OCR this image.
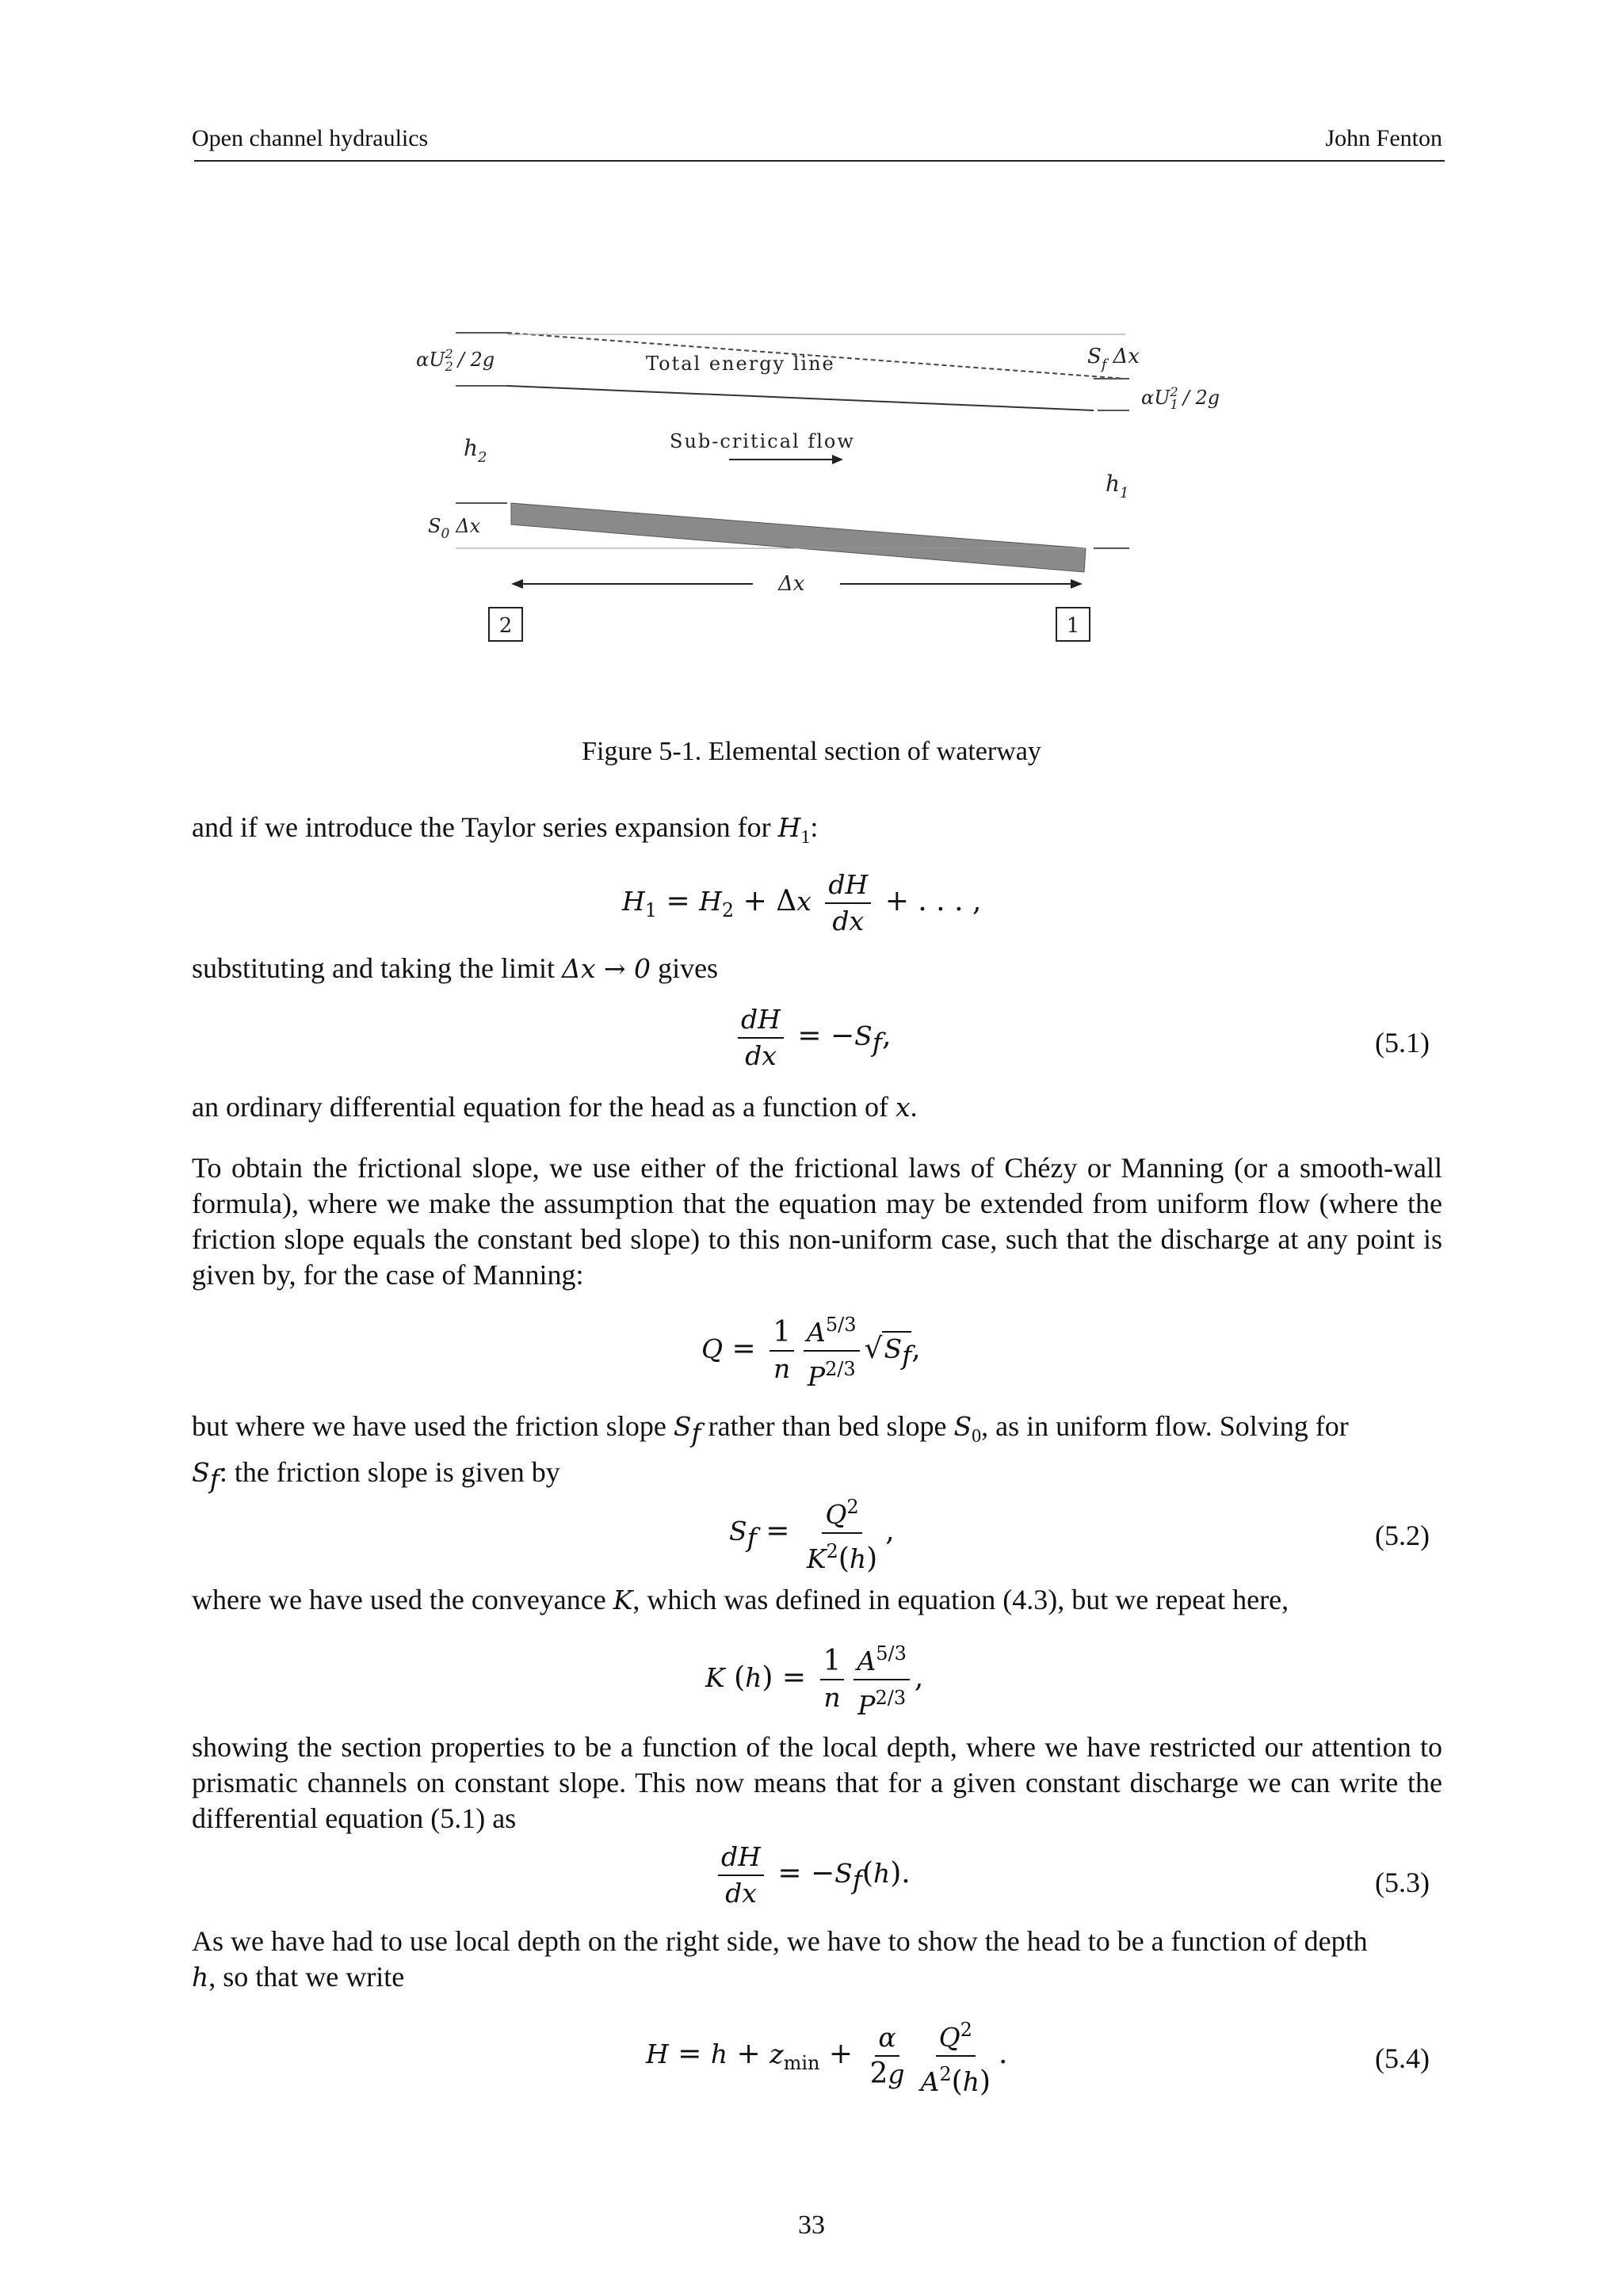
Open channel hydraulics	John Fenton
$\alpha U^2$ 2 / 2g	Total energy line	$S_f$ Δx
$\alpha U^2$ 1 / 2g
Sub-critical flow
$h_2$
$h_1$
$S_0$ Δx
Δx
2	1
Figure 5-1. Elemental section of waterway
and if we introduce the Taylor series expansion for $H_1$:
$H_1 = H_2 + \Delta x \frac{dH}{dx}$ + . . . ,
substituting and taking the limit Δx → 0 gives
$\frac{dH}{dx} = -S_f$,	(5.1)
an ordinary differential equation for the head as a function of x.
To obtain the frictional slope, we use either of the frictional laws of Chézy or Manning (or a smooth-wall formula), where we make the assumption that the equation may be extended from uniform flow (where the friction slope equals the constant bed slope) to this non-uniform case, such that the discharge at any point is given by, for the case of Manning:
$Q = \frac{1}{n} \frac{A^{5/3}}{P^{2/3}} √S_f$,
but where we have used the friction slope $S_f$ rather than bed slope $S_0$, as in uniform flow. Solving for
$S_f$: the friction slope is given by
$S_f = \frac{Q^2}{K^2(h)}$ ,	(5.2)
where we have used the conveyance K, which was defined in equation (4.3), but we repeat here,
K $(h) = \frac{1}{n} \frac{A^{5/3}}{P^{2/3}}$ ,
showing the section properties to be a function of the local depth, where we have restricted our attention to prismatic channels on constant slope. This now means that for a given constant discharge we can write the differential equation (5.1) as
$\frac{dH}{dx} = -S_f(h)$.	(5.3)
As we have had to use local depth on the right side, we have to show the head to be a function of depth
h, so that we write
$H = h + z_{min} + \frac{\alpha}{2g} \frac{Q^2}{A^2(h)}$ .	(5.4)
33
